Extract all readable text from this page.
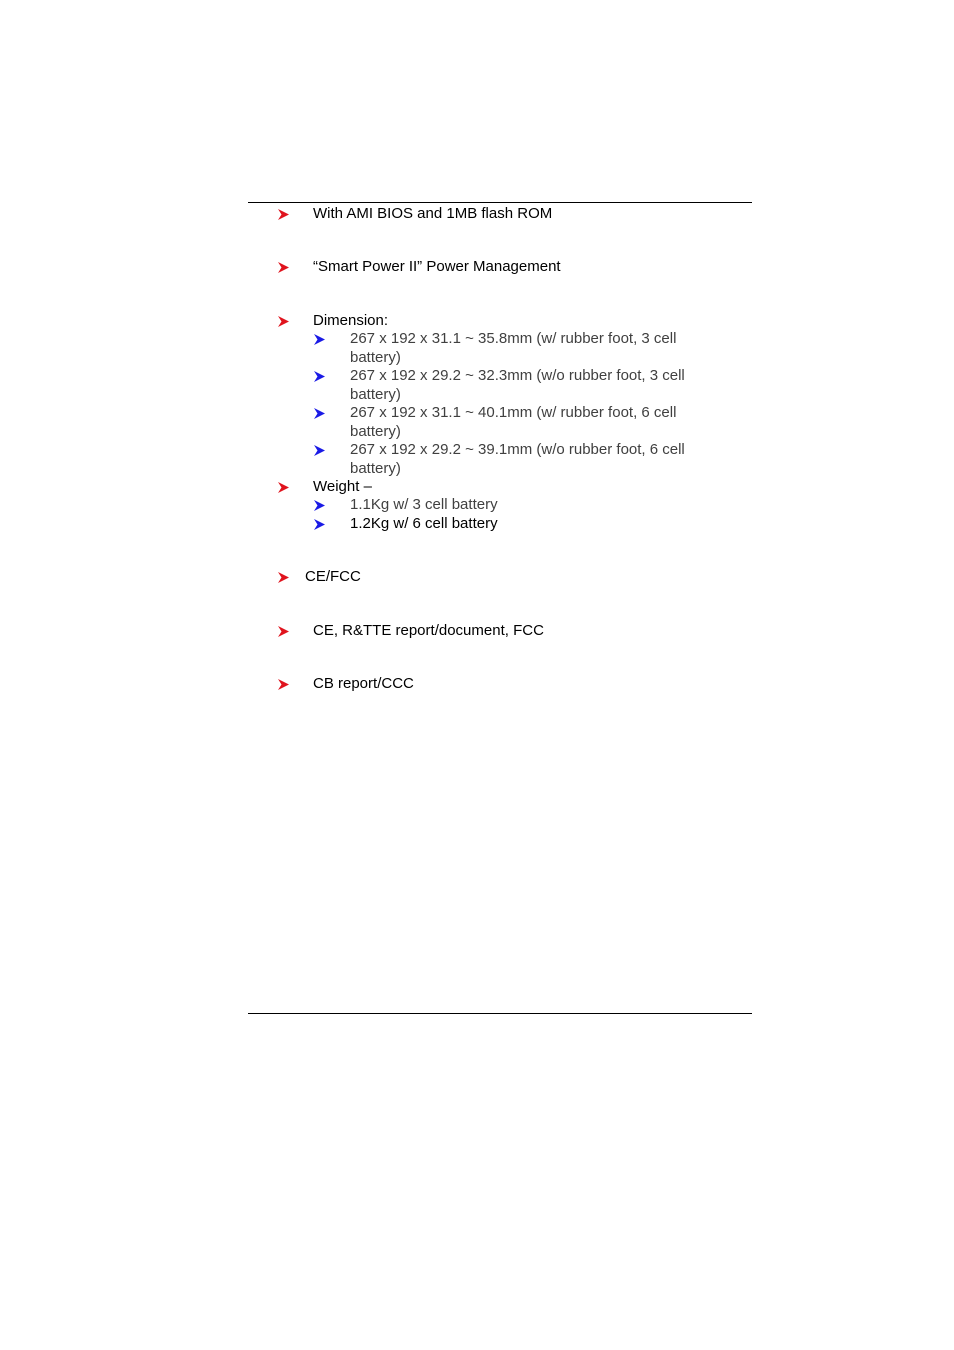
With AMI BIOS and 1MB flash ROM
“Smart Power II” Power Management
Dimension:
267 x 192 x 31.1 ~ 35.8mm (w/ rubber foot, 3 cell battery)
267 x 192 x 29.2 ~ 32.3mm (w/o rubber foot, 3 cell battery)
267 x 192 x 31.1 ~ 40.1mm (w/ rubber foot, 6 cell battery)
267 x 192 x 29.2 ~ 39.1mm (w/o rubber foot, 6 cell battery)
Weight –
1.1Kg w/ 3 cell battery
1.2Kg w/ 6 cell battery
CE/FCC
CE, R&TTE report/document, FCC
CB report/CCC
